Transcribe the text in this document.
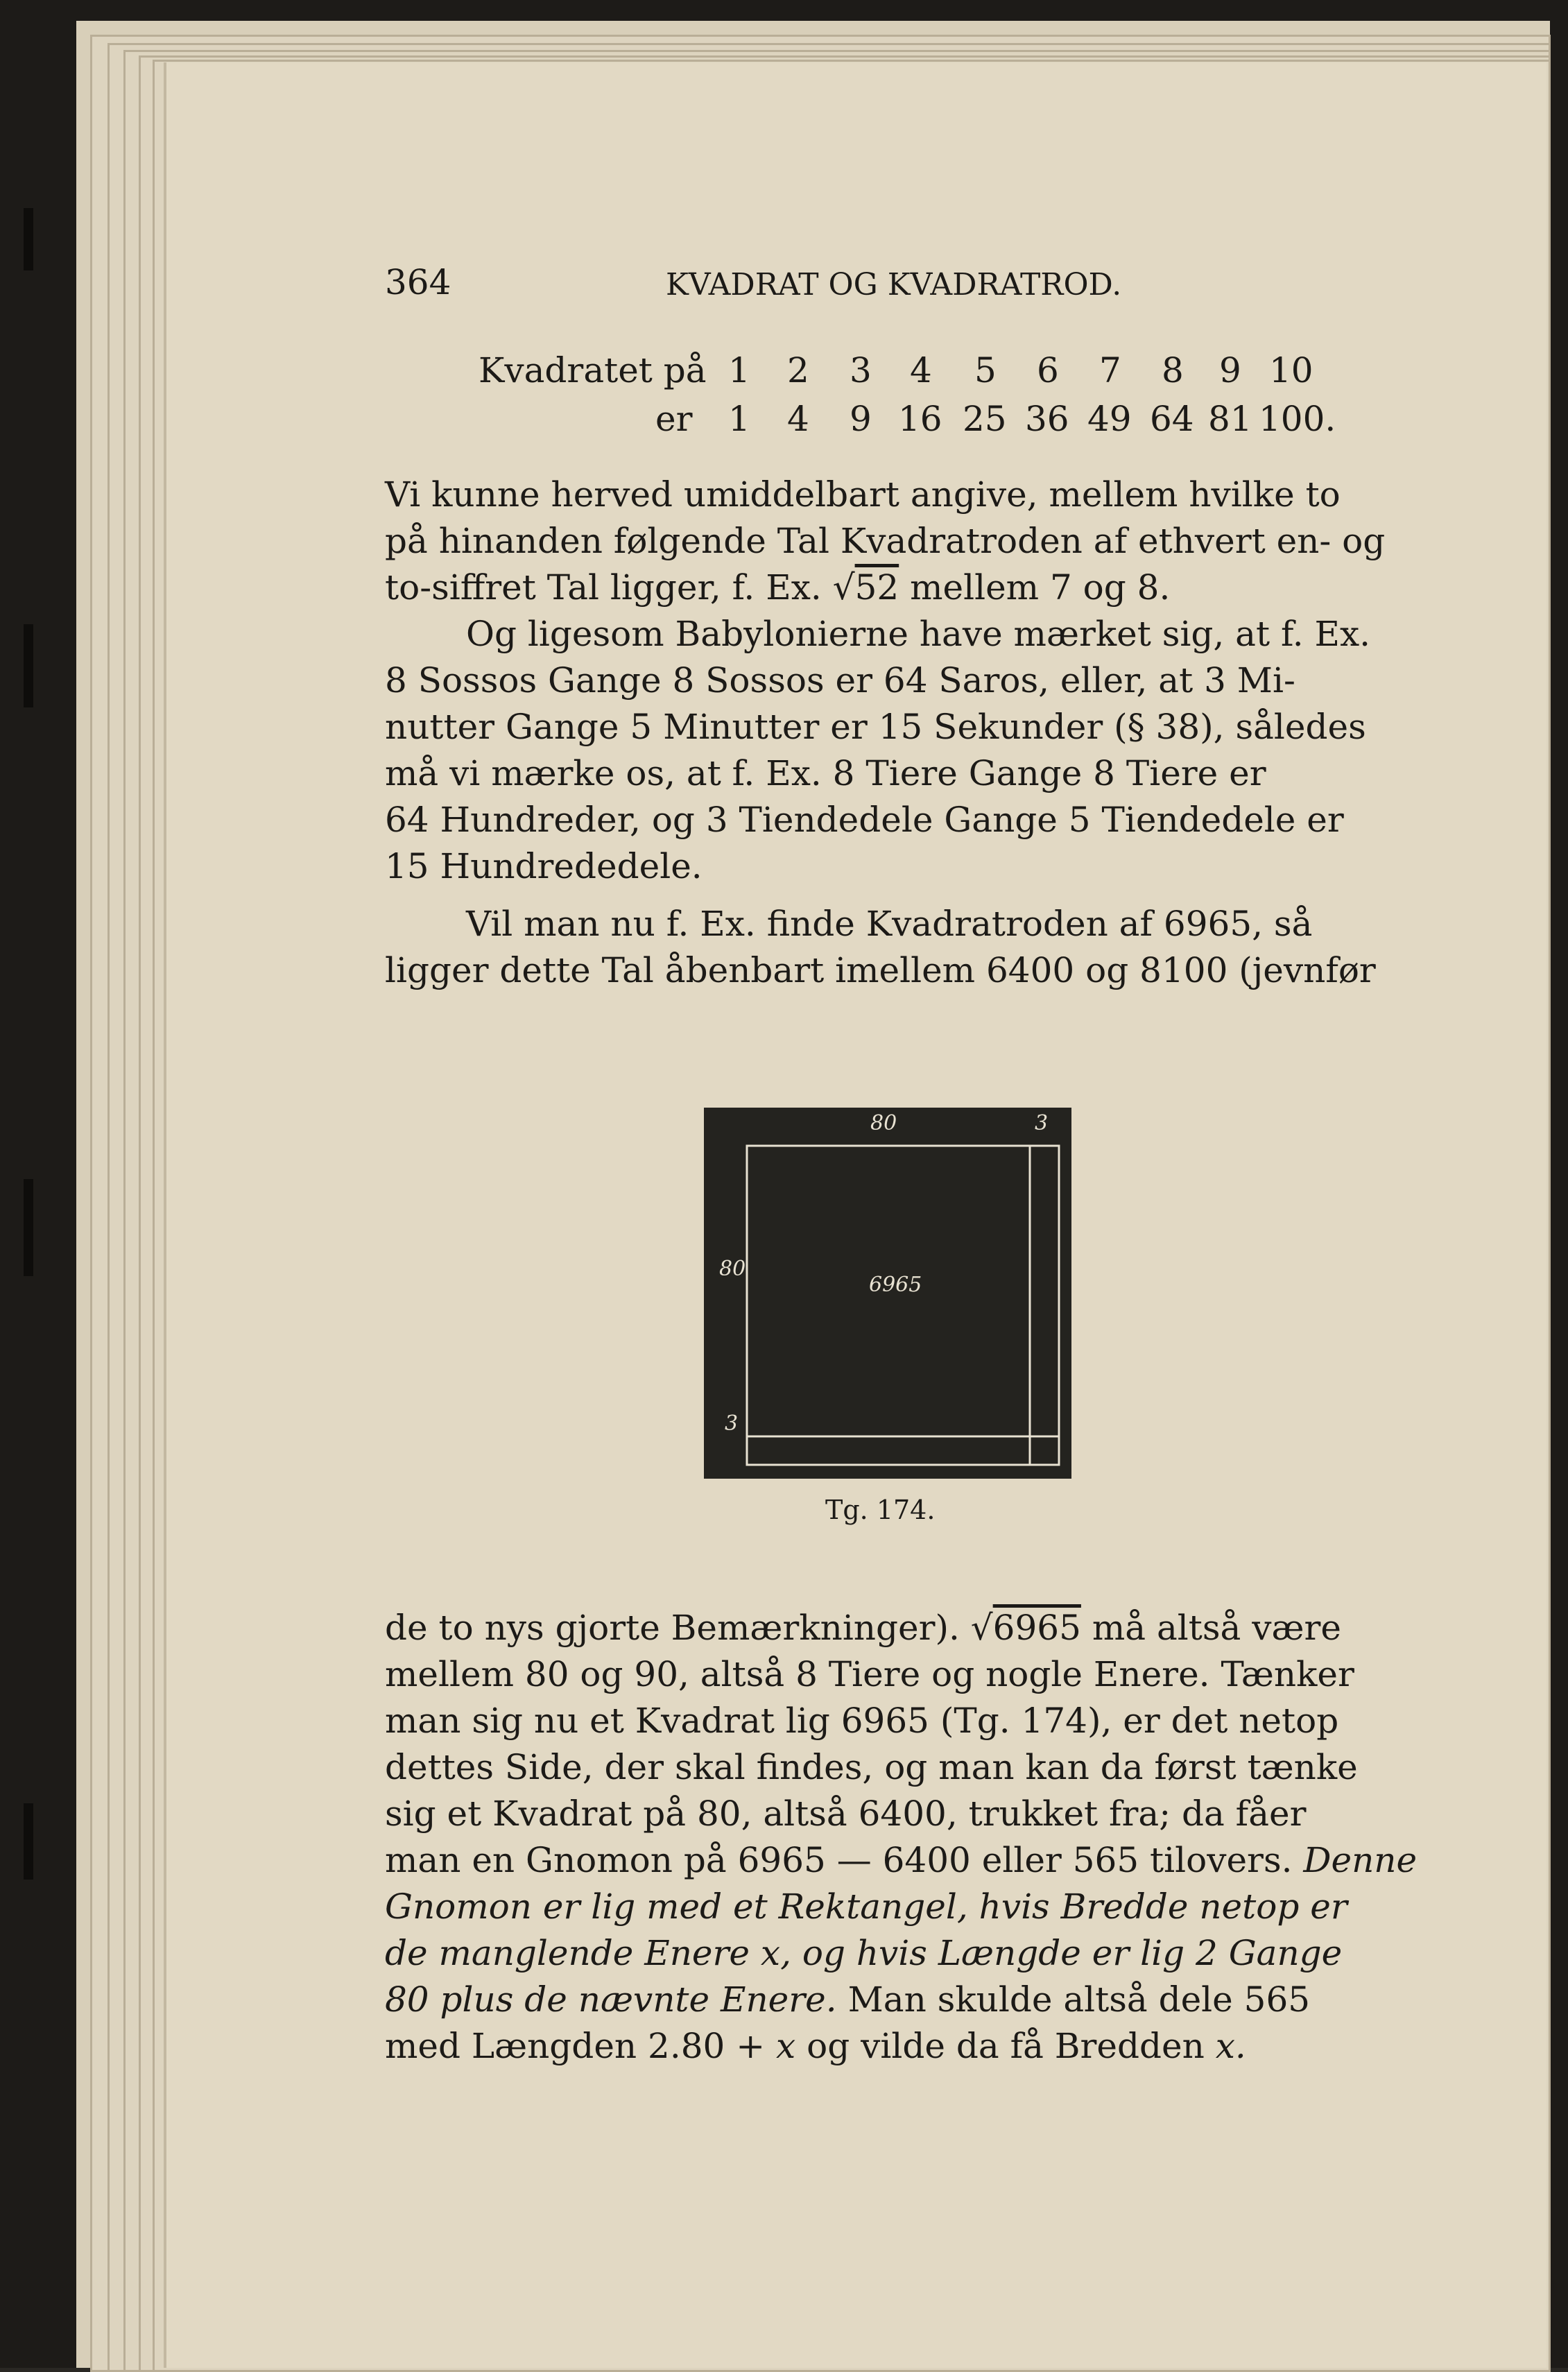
364	KVADRAT OG KVADRATROD.
Kvadratet på 1 2 3 4 5 6 7 8 9 10
er 1 4 9 16 25 36 49 64 81 100.
Vi kunne herved umiddelbart angive, mellem hvilke to
på hinanden følgende Tal Kvadratroden af ethvert en- og
to-siffret Tal ligger, f. Ex. √52 mellem 7 og 8.
Og ligesom Babylonierne have mærket sig, at f. Ex.
8 Sossos Gange 8 Sossos er 64 Saros, eller, at 3 Mi-
nutter Gange 5 Minutter er 15 Sekunder (§ 38), således
må vi mærke os, at f. Ex. 8 Tiere Gange 8 Tiere er
64 Hundreder, og 3 Tiendedele Gange 5 Tiendedele er
15 Hundrededele.
Vil man nu f. Ex. finde Kvadratroden af 6965, så
ligger dette Tal åbenbart imellem 6400 og 8100 (jevnfør
80	3
80
3
6965
Tg. 174.
de to nys gjorte Bemærkninger). √6965 må altså være
mellem 80 og 90, altså 8 Tiere og nogle Enere. Tænker
man sig nu et Kvadrat lig 6965 (Tg. 174), er det netop
dettes Side, der skal findes, og man kan da først tænke
sig et Kvadrat på 80, altså 6400, trukket fra; da fåer
man en Gnomon på 6965 — 6400 eller 565 tilovers. Denne
Gnomon er lig med et Rektangel, hvis Bredde netop er
de manglende Enere x, og hvis Længde er lig 2 Gange
80 plus de nævnte Enere. Man skulde altså dele 565
med Længden 2.80 + x og vilde da få Bredden x.
